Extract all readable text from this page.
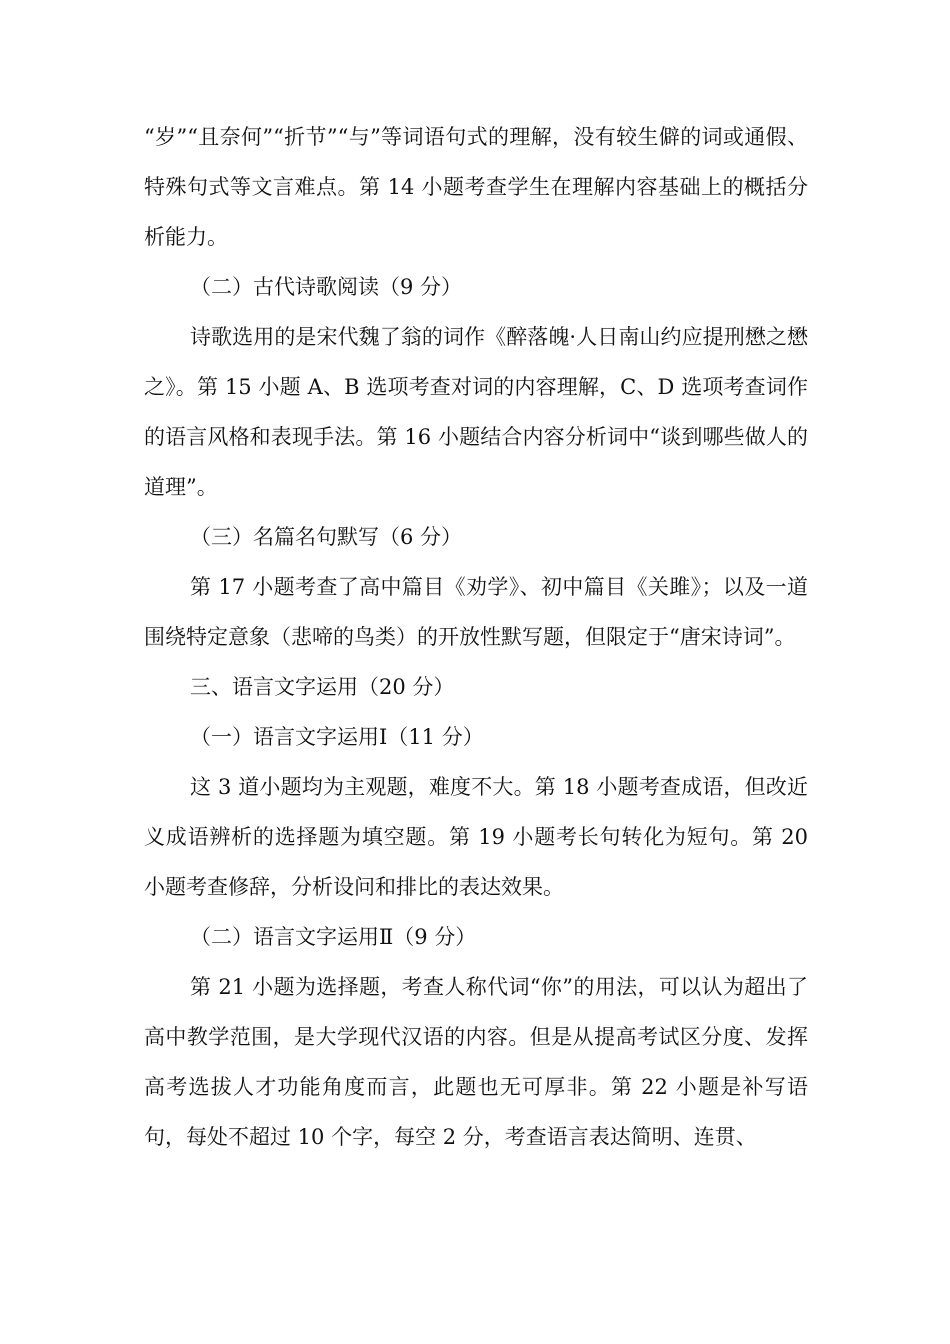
“岁”“且奈何”“折节”“与”等词语句式的理解，没有较生僻的词或通假、特殊句式等文言难点。第 14 小题考查学生在理解内容基础上的概括分析能力。

（二）古代诗歌阅读（9 分）

诗歌选用的是宋代魏了翁的词作《醉落魄·人日南山约应提刑懋之懋之》。第 15 小题 A、B 选项考查对词的内容理解，C、D 选项考查词作的语言风格和表现手法。第 16 小题结合内容分析词中“谈到哪些做人的道理”。

（三）名篇名句默写（6 分）

第 17 小题考查了高中篇目《劝学》、初中篇目《关雎》；以及一道围绕特定意象（悲啼的鸟类）的开放性默写题，但限定于“唐宋诗词”。

三、语言文字运用（20 分）

（一）语言文字运用Ⅰ（11 分）

这 3 道小题均为主观题，难度不大。第 18 小题考查成语，但改近义成语辨析的选择题为填空题。第 19 小题考长句转化为短句。第 20 小题考查修辞，分析设问和排比的表达效果。

（二）语言文字运用Ⅱ（9 分）

第 21 小题为选择题，考查人称代词“你”的用法，可以认为超出了高中教学范围，是大学现代汉语的内容。但是从提高考试区分度、发挥高考选拔人才功能角度而言，此题也无可厚非。第 22 小题是补写语句，每处不超过 10 个字，每空 2 分，考查语言表达简明、连贯、
